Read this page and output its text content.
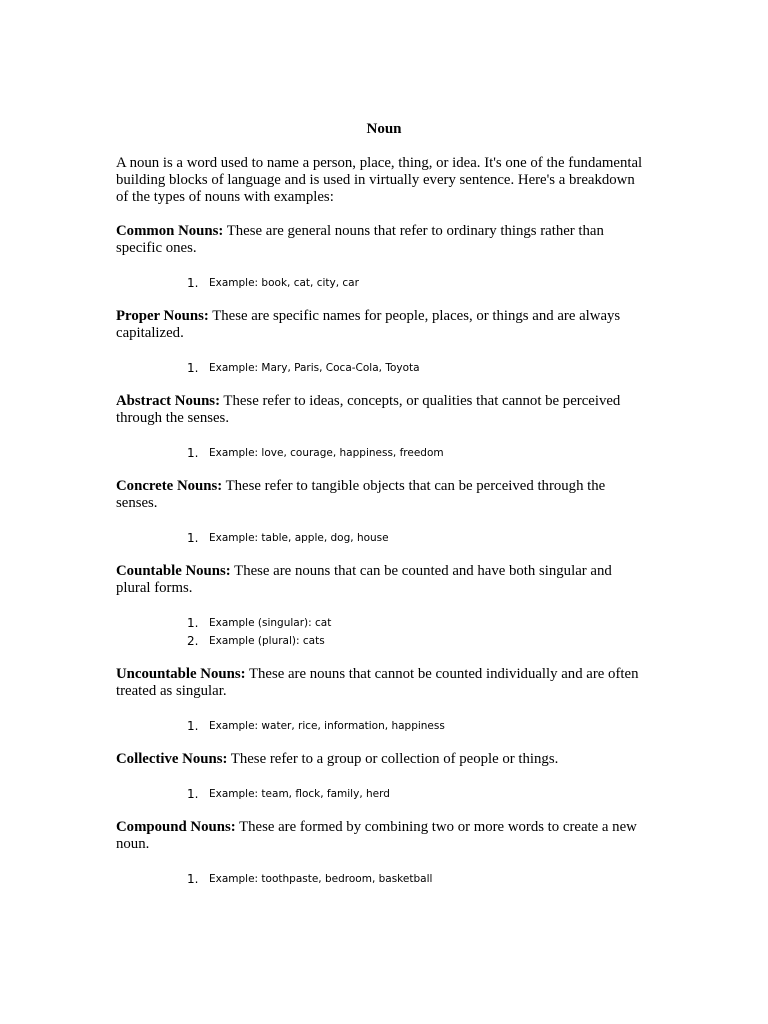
Noun

A noun is a word used to name a person, place, thing, or idea. It's one of the fundamental building blocks of language and is used in virtually every sentence. Here's a breakdown of the types of nouns with examples:

Common Nouns: These are general nouns that refer to ordinary things rather than specific ones.

1. Example: book, cat, city, car

Proper Nouns: These are specific names for people, places, or things and are always capitalized.

1. Example: Mary, Paris, Coca-Cola, Toyota

Abstract Nouns: These refer to ideas, concepts, or qualities that cannot be perceived through the senses.

1. Example: love, courage, happiness, freedom

Concrete Nouns: These refer to tangible objects that can be perceived through the senses.

1. Example: table, apple, dog, house

Countable Nouns: These are nouns that can be counted and have both singular and plural forms.

1. Example (singular): cat
2. Example (plural): cats

Uncountable Nouns: These are nouns that cannot be counted individually and are often treated as singular.

1. Example: water, rice, information, happiness

Collective Nouns: These refer to a group or collection of people or things.

1. Example: team, flock, family, herd

Compound Nouns: These are formed by combining two or more words to create a new noun.

1. Example: toothpaste, bedroom, basketball
